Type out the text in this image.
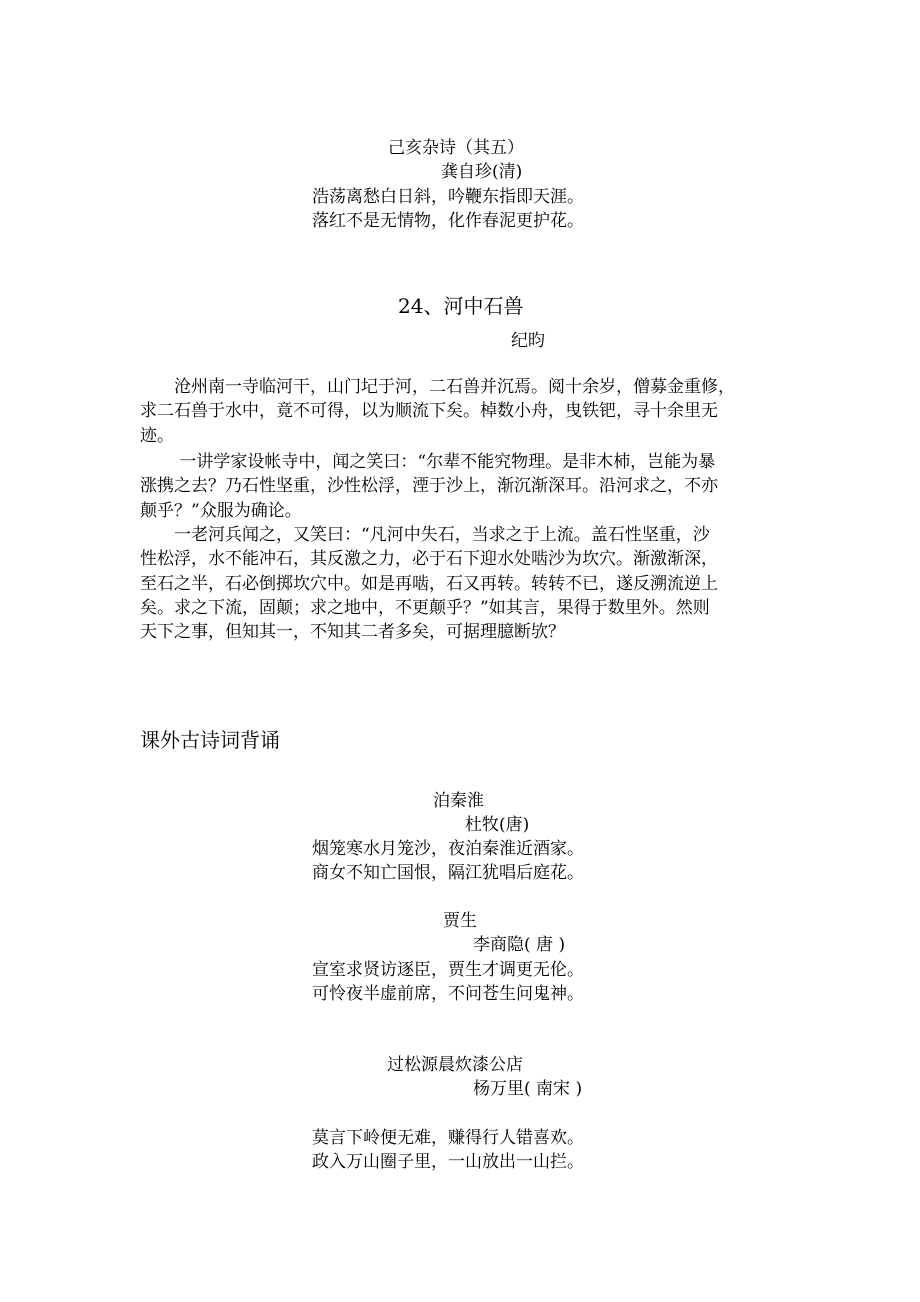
己亥杂诗（其五）

龚自珍(清)

浩荡离愁白日斜，吟鞭东指即天涯。

落红不是无情物，化作春泥更护花。

24、河中石兽

纪昀

　　沧州南一寺临河干，山门圮于河，二石兽并沉焉。阅十余岁，僧募金重修，
求二石兽于水中，竟不可得，以为顺流下矣。棹数小舟，曳铁钯，寻十余里无
迹。
　　 一讲学家设帐寺中，闻之笑曰：“尔辈不能究物理。是非木杮，岂能为暴
涨携之去？乃石性坚重，沙性松浮，湮于沙上，渐沉渐深耳。沿河求之，不亦
颠乎？”众服为确论。
　　一老河兵闻之，又笑曰：“凡河中失石，当求之于上流。盖石性坚重，沙
性松浮，水不能冲石，其反激之力，必于石下迎水处啮沙为坎穴。渐激渐深，
至石之半，石必倒掷坎穴中。如是再啮，石又再转。转转不已，遂反溯流逆上
矣。求之下流，固颠；求之地中，不更颠乎？”如其言，果得于数里外。然则
天下之事，但知其一，不知其二者多矣，可据理臆断欤？

课外古诗词背诵

泊秦淮

杜牧(唐)

烟笼寒水月笼沙，夜泊秦淮近酒家。

商女不知亡国恨，隔江犹唱后庭花。

贾生

李商隐( 唐 )

宣室求贤访逐臣，贾生才调更无伦。

可怜夜半虚前席，不问苍生问鬼神。

过松源晨炊漆公店

杨万里( 南宋 )

莫言下岭便无难，赚得行人错喜欢。

政入万山圈子里，一山放出一山拦。
